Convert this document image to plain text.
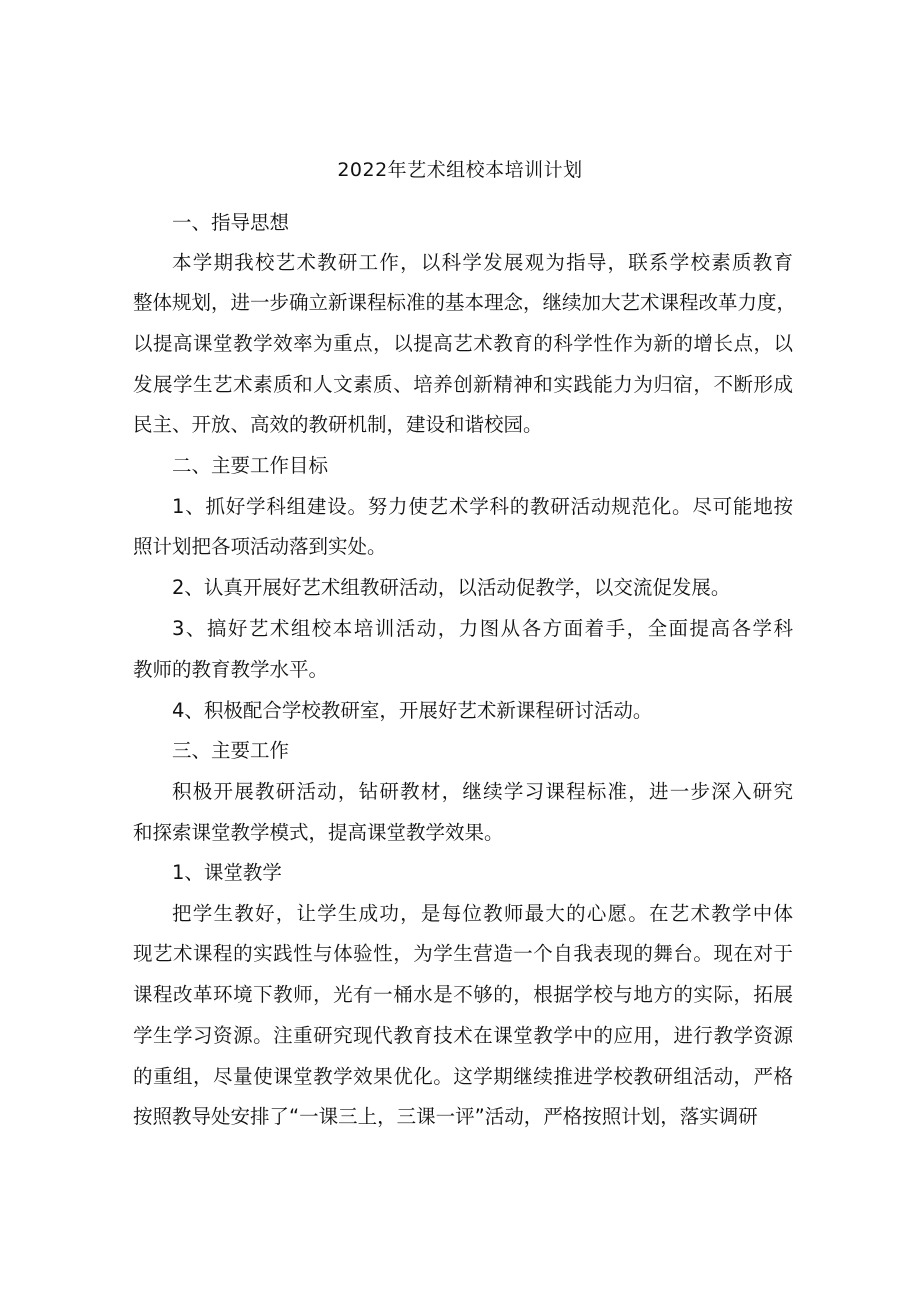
2022年艺术组校本培训计划
一、指导思想
本学期我校艺术教研工作，以科学发展观为指导，联系学校素质教育
整体规划，进一步确立新课程标准的基本理念，继续加大艺术课程改革力度，
以提高课堂教学效率为重点，以提高艺术教育的科学性作为新的增长点，以
发展学生艺术素质和人文素质、培养创新精神和实践能力为归宿，不断形成
民主、开放、高效的教研机制，建设和谐校园。
二、主要工作目标
1、抓好学科组建设。努力使艺术学科的教研活动规范化。尽可能地按
照计划把各项活动落到实处。
2、认真开展好艺术组教研活动，以活动促教学，以交流促发展。
3、搞好艺术组校本培训活动，力图从各方面着手，全面提高各学科
教师的教育教学水平。
4、积极配合学校教研室，开展好艺术新课程研讨活动。
三、主要工作
积极开展教研活动，钻研教材，继续学习课程标准，进一步深入研究
和探索课堂教学模式，提高课堂教学效果。
1、课堂教学
把学生教好，让学生成功，是每位教师最大的心愿。在艺术教学中体
现艺术课程的实践性与体验性，为学生营造一个自我表现的舞台。现在对于
课程改革环境下教师，光有一桶水是不够的，根据学校与地方的实际，拓展
学生学习资源。注重研究现代教育技术在课堂教学中的应用，进行教学资源
的重组，尽量使课堂教学效果优化。这学期继续推进学校教研组活动，严格
按照教导处安排了“一课三上，三课一评”活动，严格按照计划，落实调研
